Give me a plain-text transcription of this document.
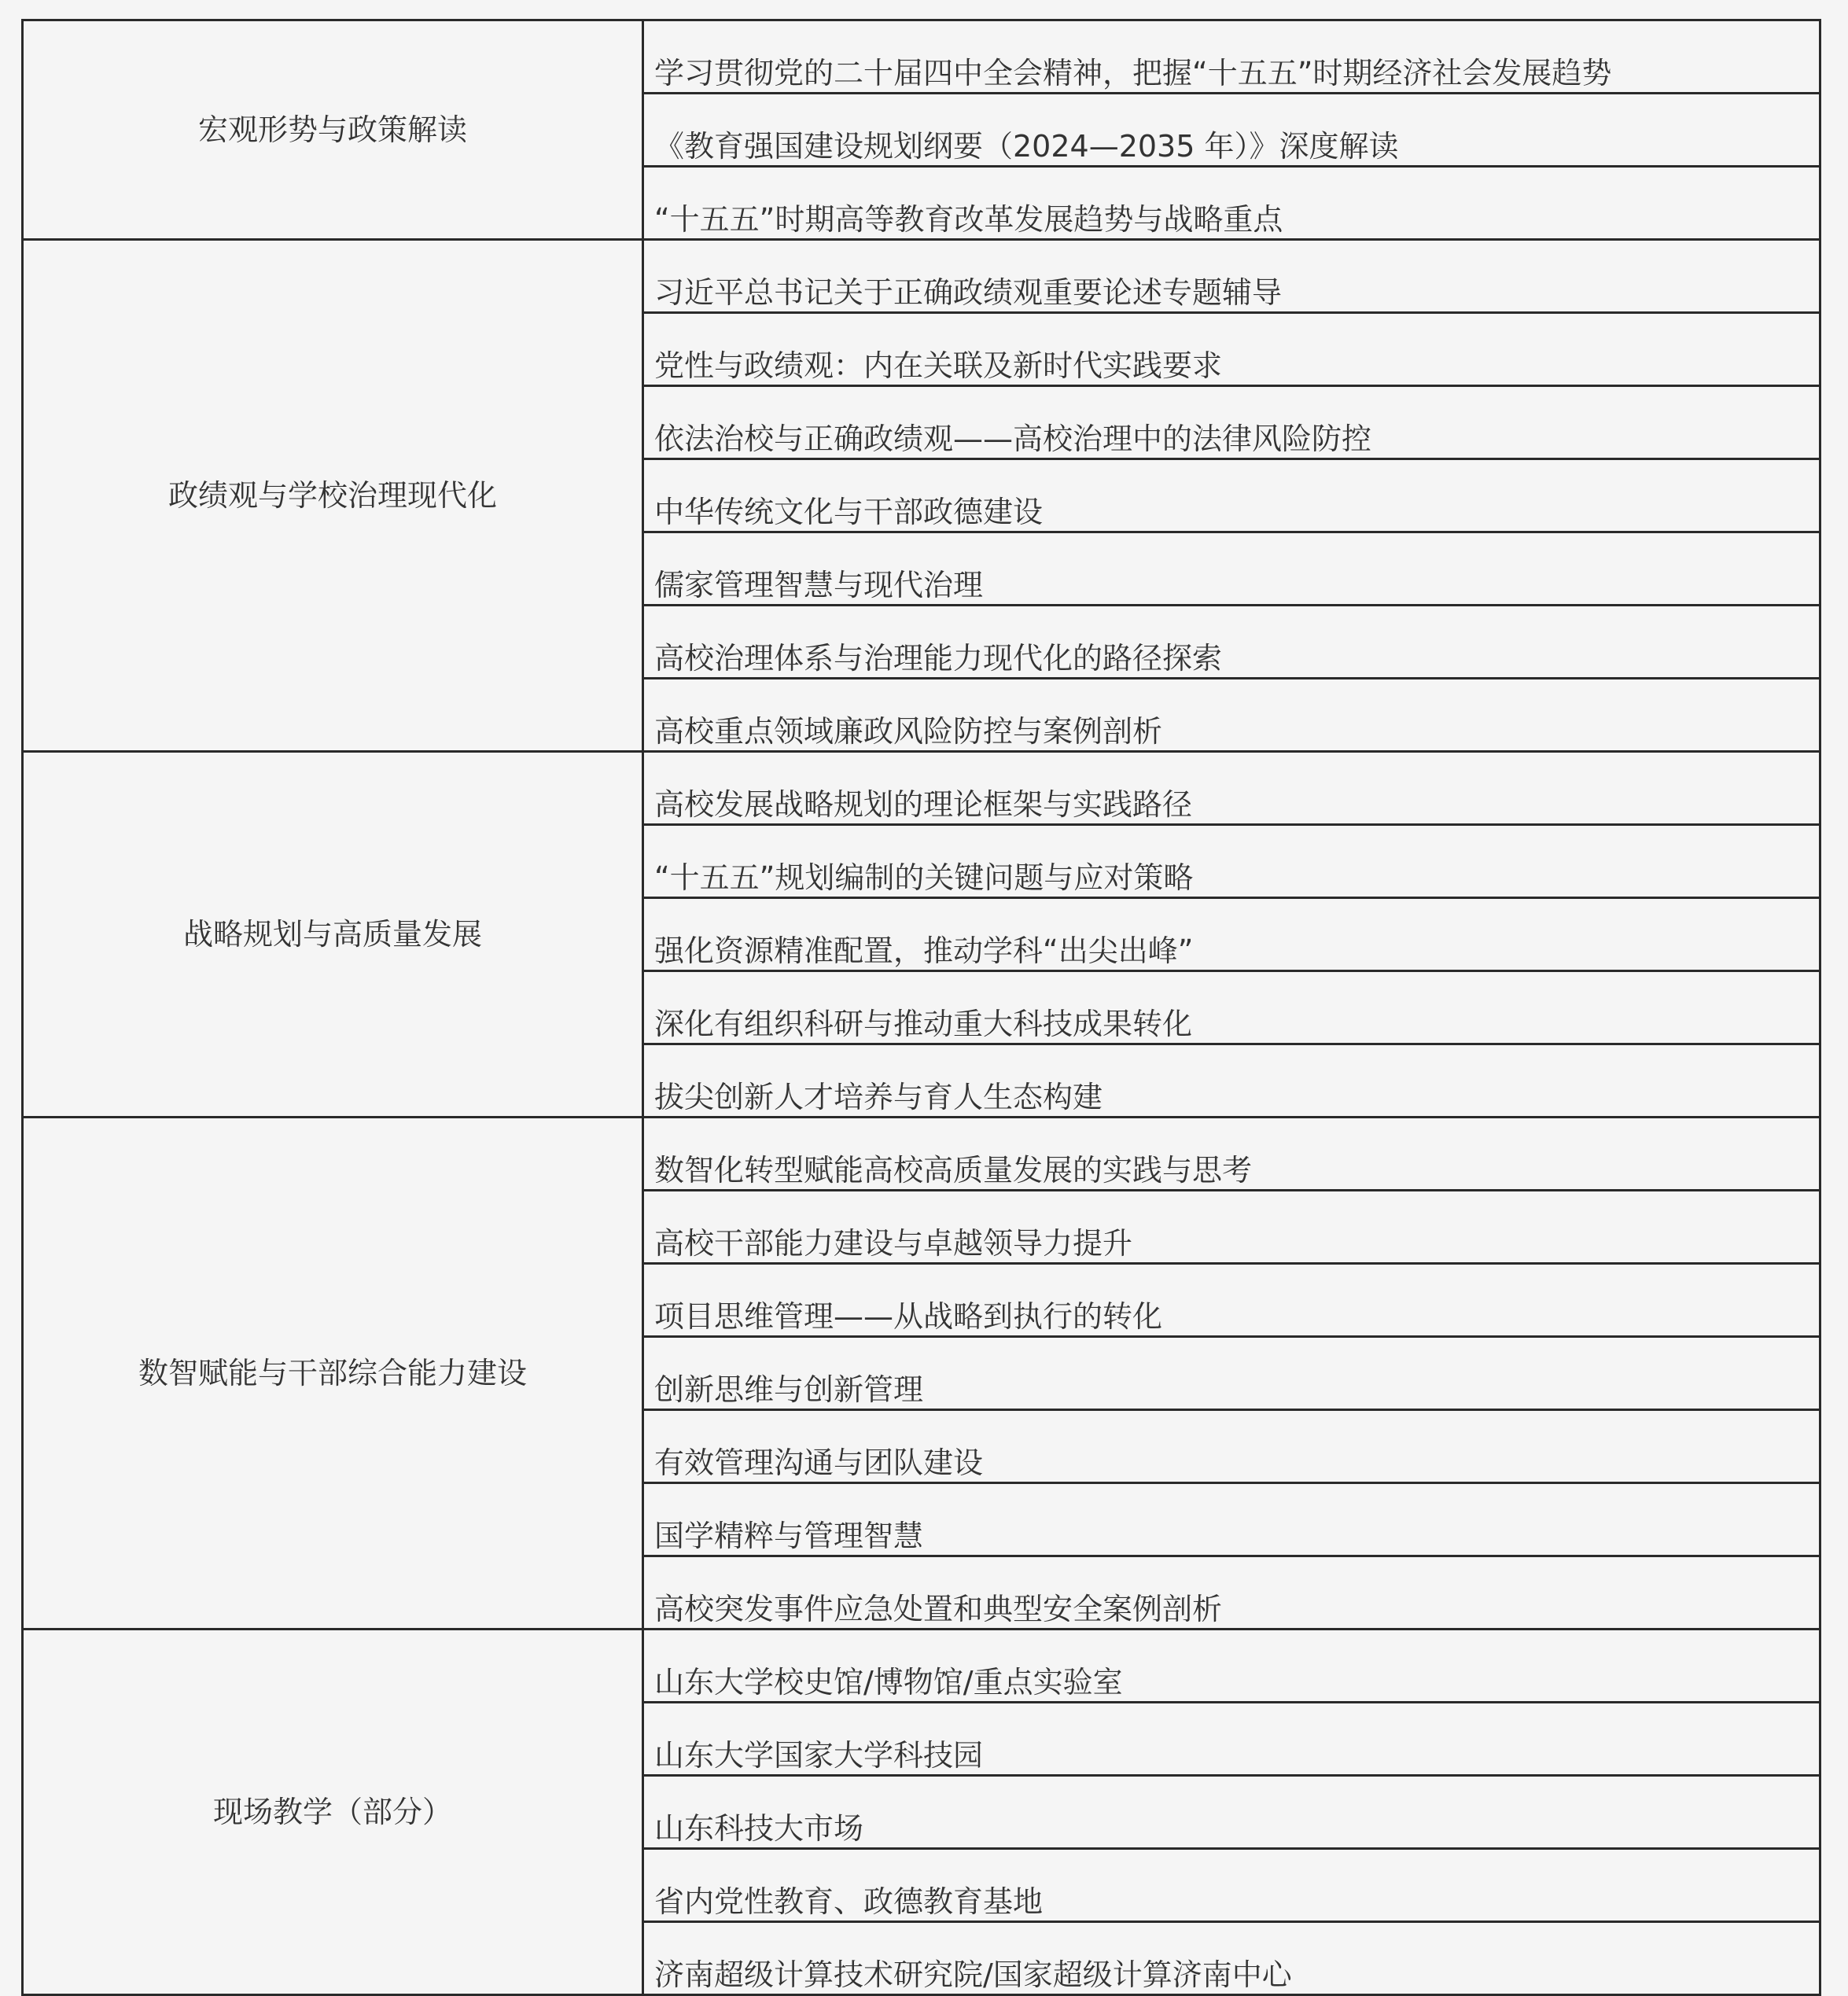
宏观形势与政策解读	学习贯彻党的二十届四中全会精神，把握“十五五”时期经济社会发展趋势
	《教育强国建设规划纲要（2024—2035 年）》深度解读
	“十五五”时期高等教育改革发展趋势与战略重点
政绩观与学校治理现代化	习近平总书记关于正确政绩观重要论述专题辅导
	党性与政绩观：内在关联及新时代实践要求
	依法治校与正确政绩观——高校治理中的法律风险防控
	中华传统文化与干部政德建设
	儒家管理智慧与现代治理
	高校治理体系与治理能力现代化的路径探索
	高校重点领域廉政风险防控与案例剖析
战略规划与高质量发展	高校发展战略规划的理论框架与实践路径
	“十五五”规划编制的关键问题与应对策略
	强化资源精准配置，推动学科“出尖出峰”
	深化有组织科研与推动重大科技成果转化
	拔尖创新人才培养与育人生态构建
数智赋能与干部综合能力建设	数智化转型赋能高校高质量发展的实践与思考
	高校干部能力建设与卓越领导力提升
	项目思维管理——从战略到执行的转化
	创新思维与创新管理
	有效管理沟通与团队建设
	国学精粹与管理智慧
	高校突发事件应急处置和典型安全案例剖析
现场教学（部分）	山东大学校史馆/博物馆/重点实验室
	山东大学国家大学科技园
	山东科技大市场
	省内党性教育、政德教育基地
	济南超级计算技术研究院/国家超级计算济南中心
